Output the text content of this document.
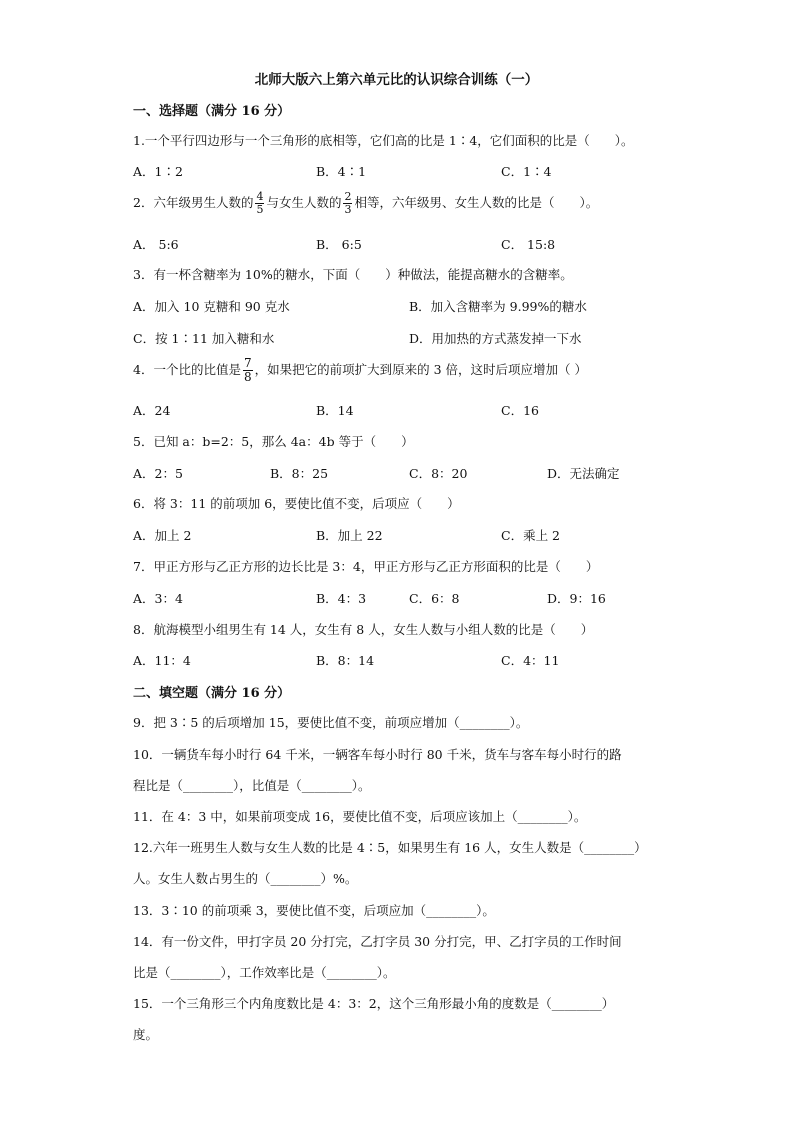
北师大版六上第六单元比的认识综合训练（一）
一、选择题（满分 16 分）
1.一个平行四边形与一个三角形的底相等，它们高的比是 1∶4，它们面积的比是（　　）。
A．1∶2	B．4∶1	C．1∶4
2．六年级男生人数的 $\frac{4}{5}$ 与女生人数的 $\frac{2}{3}$ 相等，六年级男、女生人数的比是（　　）。
A． 5:6	B． 6:5	C． 15:8
3．有一杯含糖率为 10%的糖水，下面（　　）种做法，能提高糖水的含糖率。
A．加入 10 克糖和 90 克水	B．加入含糖率为 9.99%的糖水
C．按 1∶11 加入糖和水	D．用加热的方式蒸发掉一下水
4．一个比的比值是 $\frac{7}{8}$ ，如果把它的前项扩大到原来的 3 倍，这时后项应增加（ ）
A．24	B．14	C．16
5．已知 a：b=2：5，那么 4a：4b 等于（　　）
A．2：5	B．8：25	C．8：20	D．无法确定
6．将 3：11 的前项加 6，要使比值不变，后项应（　　）
A．加上 2	B．加上 22	C．乘上 2
7．甲正方形与乙正方形的边长比是 3：4，甲正方形与乙正方形面积的比是（　　）
A．3：4	B．4：3	C．6：8	D．9：16
8．航海模型小组男生有 14 人，女生有 8 人，女生人数与小组人数的比是（　　）
A．11：4	B．8：14	C．4：11
二、填空题（满分 16 分）
9．把 3∶5 的后项增加 15，要使比值不变，前项应增加（________）。
10．一辆货车每小时行 64 千米，一辆客车每小时行 80 千米，货车与客车每小时行的路
程比是（________），比值是（________）。
11．在 4：3 中，如果前项变成 16，要使比值不变，后项应该加上（________）。
12.六年一班男生人数与女生人数的比是 4∶5，如果男生有 16 人，女生人数是（________）
人。女生人数占男生的（________）%。
13．3∶10 的前项乘 3，要使比值不变，后项应加（________）。
14．有一份文件，甲打字员 20 分打完，乙打字员 30 分打完，甲、乙打字员的工作时间
比是（________），工作效率比是（________）。
15．一个三角形三个内角度数比是 4：3：2，这个三角形最小角的度数是（________）
度。
